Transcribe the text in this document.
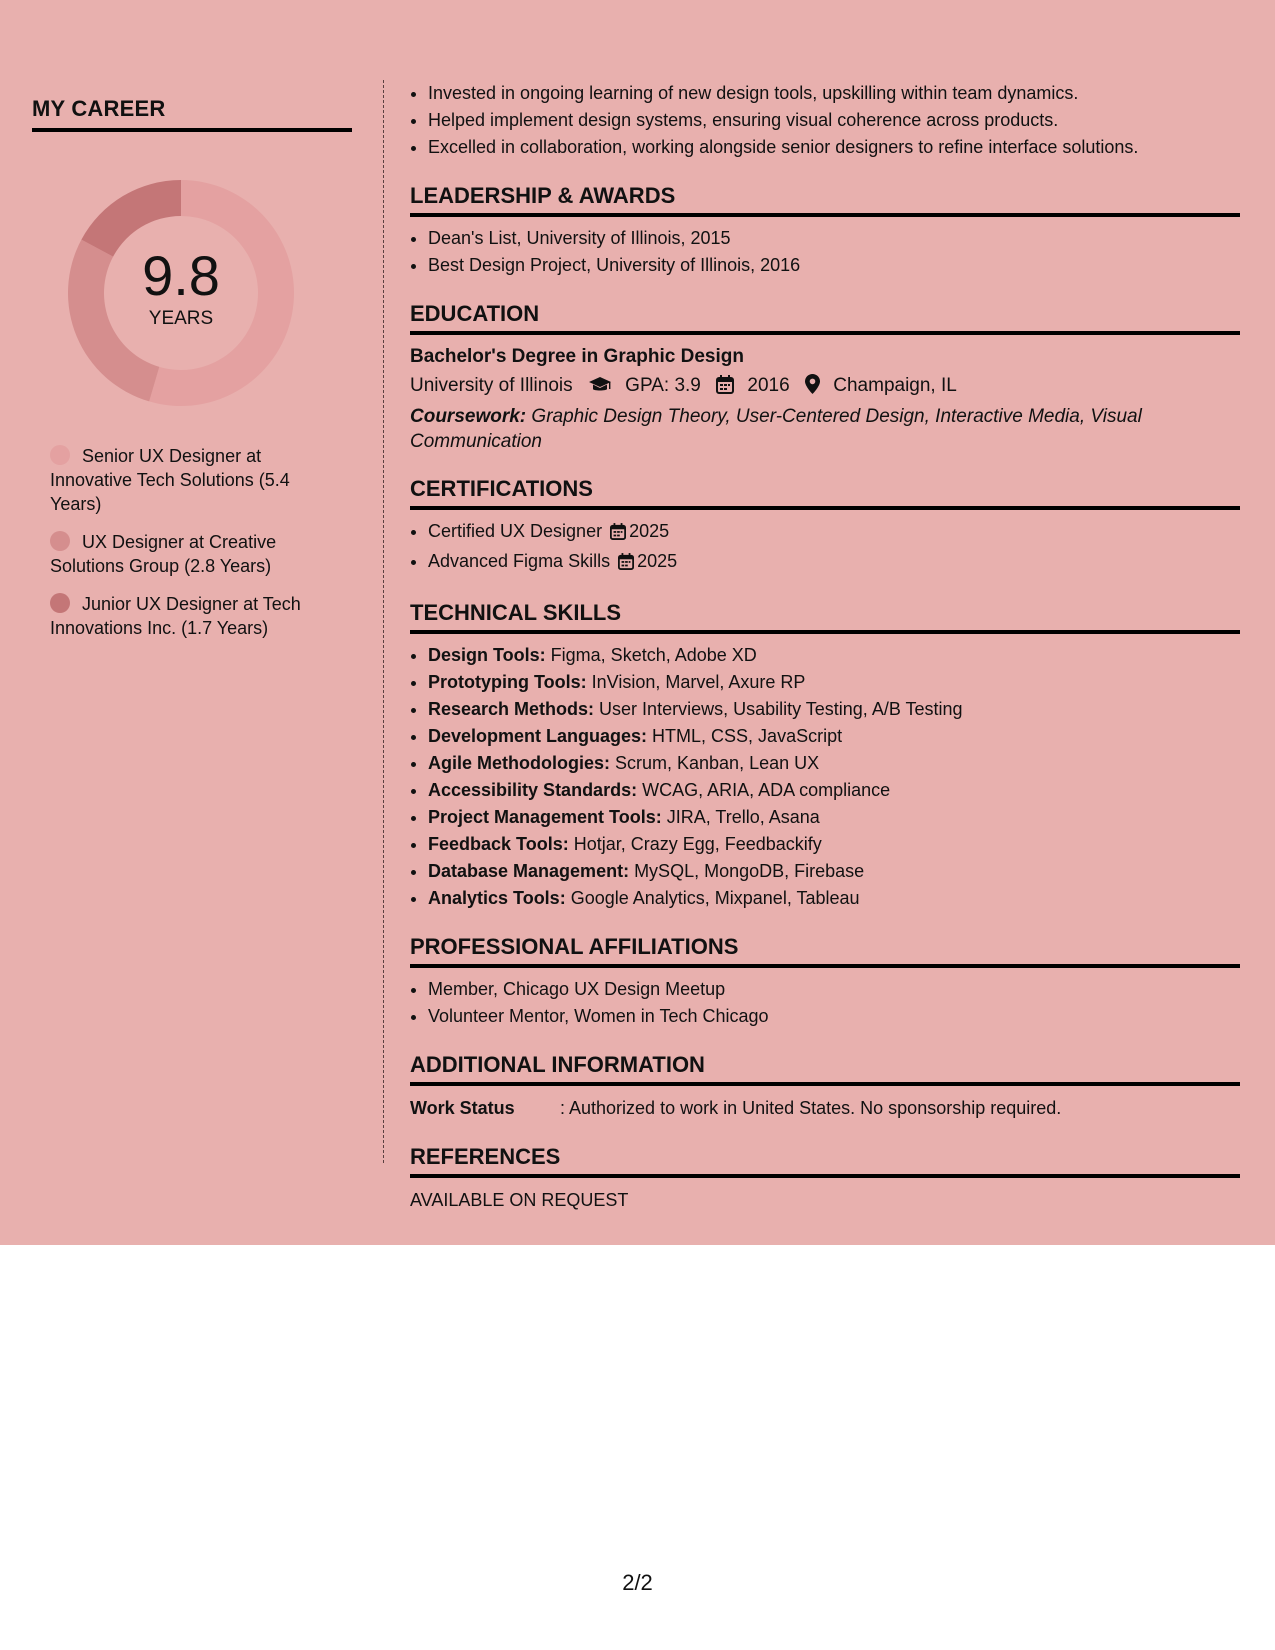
MY CAREER
9.8
YEARS
Senior UX Designer at Innovative Tech Solutions (5.4 Years)
UX Designer at Creative Solutions Group (2.8 Years)
Junior UX Designer at Tech Innovations Inc. (1.7 Years)
• Invested in ongoing learning of new design tools, upskilling within team dynamics.
• Helped implement design systems, ensuring visual coherence across products.
• Excelled in collaboration, working alongside senior designers to refine interface solutions.
LEADERSHIP & AWARDS
• Dean's List, University of Illinois, 2015
• Best Design Project, University of Illinois, 2016
EDUCATION
Bachelor's Degree in Graphic Design
University of Illinois	GPA: 3.9 2016 Champaign, IL
Coursework: Graphic Design Theory, User-Centered Design, Interactive Media, Visual Communication
CERTIFICATIONS
• Certified UX Designer 2025
• Advanced Figma Skills 2025
TECHNICAL SKILLS
• Design Tools: Figma, Sketch, Adobe XD
• Prototyping Tools: InVision, Marvel, Axure RP
• Research Methods: User Interviews, Usability Testing, A/B Testing
• Development Languages: HTML, CSS, JavaScript
• Agile Methodologies: Scrum, Kanban, Lean UX
• Accessibility Standards: WCAG, ARIA, ADA compliance
• Project Management Tools: JIRA, Trello, Asana
• Feedback Tools: Hotjar, Crazy Egg, Feedbackify
• Database Management: MySQL, MongoDB, Firebase
• Analytics Tools: Google Analytics, Mixpanel, Tableau
PROFESSIONAL AFFILIATIONS
• Member, Chicago UX Design Meetup
• Volunteer Mentor, Women in Tech Chicago
ADDITIONAL INFORMATION
Work Status	: Authorized to work in United States. No sponsorship required.
REFERENCES
AVAILABLE ON REQUEST
2/2
